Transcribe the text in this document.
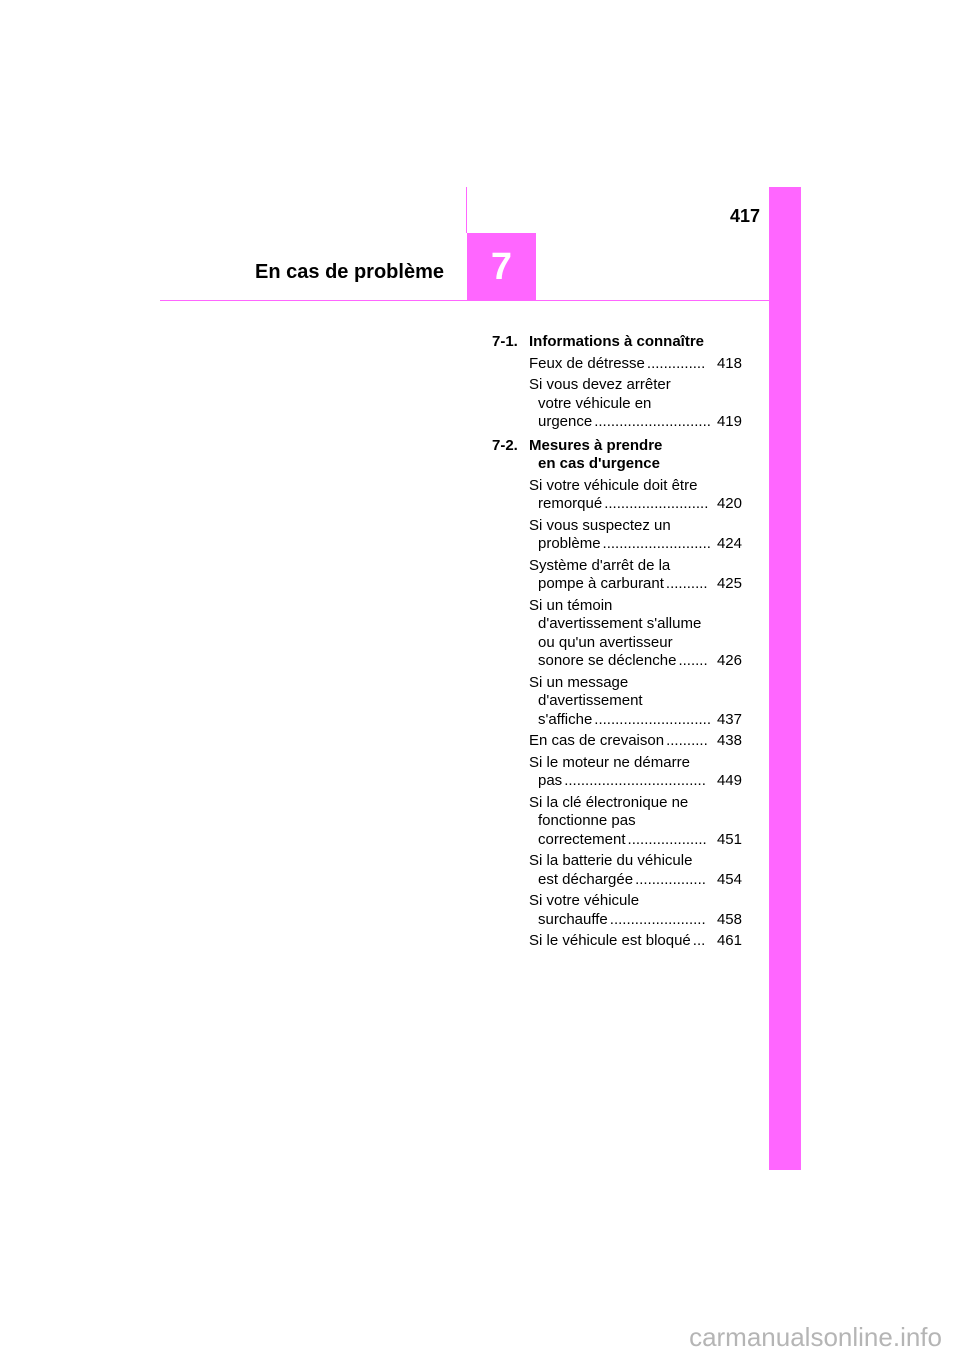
7
417
En cas de problème
7-1. Informations à connaître
Feux de détresse .............. 418
Si vous devez arrêter
votre véhicule en
urgence ............................ 419
7-2. Mesures à prendre
en cas d'urgence
Si votre véhicule doit être
remorqué ......................... 420
Si vous suspectez un
problème .......................... 424
Système d'arrêt de la
pompe à carburant .......... 425
Si un témoin
d'avertissement s'allume
ou qu'un avertisseur
sonore se déclenche ....... 426
Si un message
d'avertissement
s'affiche ............................ 437
En cas de crevaison .......... 438
Si le moteur ne démarre
pas .................................. 449
Si la clé électronique ne
fonctionne pas
correctement ................... 451
Si la batterie du véhicule
est déchargée ................. 454
Si votre véhicule
surchauffe ....................... 458
Si le véhicule est bloqué ... 461
carmanualsonline.info
